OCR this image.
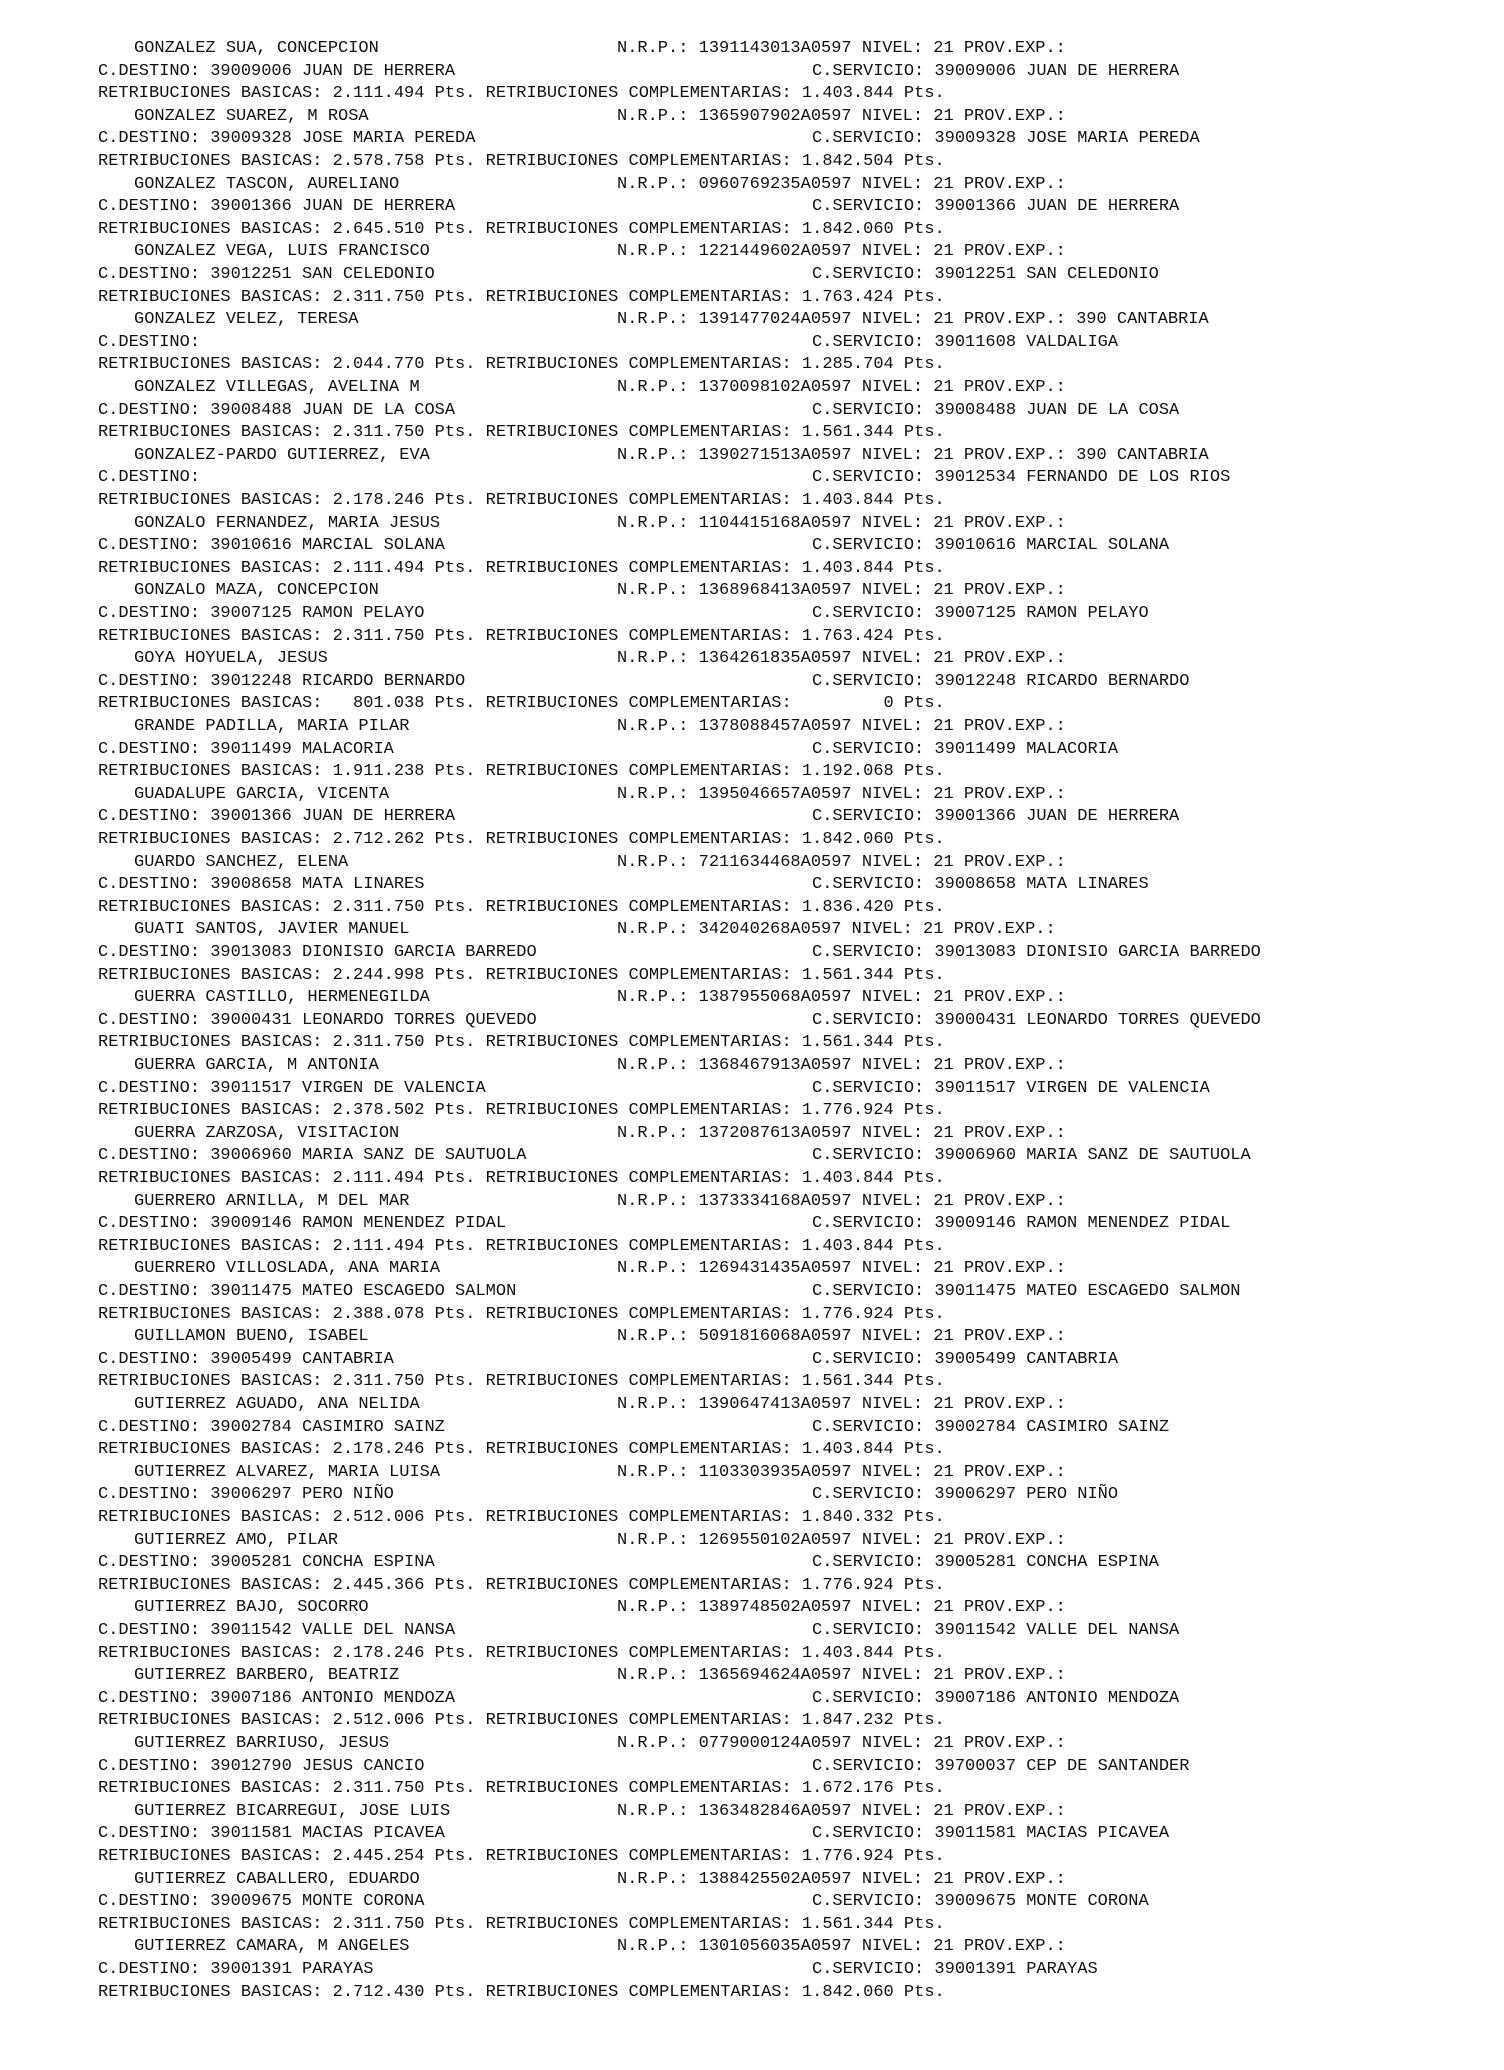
GONZALEZ SUA, CONCEPCION	N.R.P.: 1391143013A0597 NIVEL: 21 PROV.EXP.:
C.DESTINO: 39009006 JUAN DE HERRERA	C.SERVICIO: 39009006 JUAN DE HERRERA
RETRIBUCIONES BASICAS: 2.111.494 Pts. RETRIBUCIONES COMPLEMENTARIAS: 1.403.844 Pts.
GONZALEZ SUAREZ, M ROSA	N.R.P.: 1365907902A0597 NIVEL: 21 PROV.EXP.:
C.DESTINO: 39009328 JOSE MARIA PEREDA	C.SERVICIO: 39009328 JOSE MARIA PEREDA
RETRIBUCIONES BASICAS: 2.578.758 Pts. RETRIBUCIONES COMPLEMENTARIAS: 1.842.504 Pts.
GONZALEZ TASCON, AURELIANO	N.R.P.: 0960769235A0597 NIVEL: 21 PROV.EXP.:
C.DESTINO: 39001366 JUAN DE HERRERA	C.SERVICIO: 39001366 JUAN DE HERRERA
RETRIBUCIONES BASICAS: 2.645.510 Pts. RETRIBUCIONES COMPLEMENTARIAS: 1.842.060 Pts.
GONZALEZ VEGA, LUIS FRANCISCO	N.R.P.: 1221449602A0597 NIVEL: 21 PROV.EXP.:
C.DESTINO: 39012251 SAN CELEDONIO	C.SERVICIO: 39012251 SAN CELEDONIO
RETRIBUCIONES BASICAS: 2.311.750 Pts. RETRIBUCIONES COMPLEMENTARIAS: 1.763.424 Pts.
GONZALEZ VELEZ, TERESA	N.R.P.: 1391477024A0597 NIVEL: 21 PROV.EXP.: 390 CANTABRIA
C.DESTINO:	C.SERVICIO: 39011608 VALDALIGA
RETRIBUCIONES BASICAS: 2.044.770 Pts. RETRIBUCIONES COMPLEMENTARIAS: 1.285.704 Pts.
GONZALEZ VILLEGAS, AVELINA M	N.R.P.: 1370098102A0597 NIVEL: 21 PROV.EXP.:
C.DESTINO: 39008488 JUAN DE LA COSA	C.SERVICIO: 39008488 JUAN DE LA COSA
RETRIBUCIONES BASICAS: 2.311.750 Pts. RETRIBUCIONES COMPLEMENTARIAS: 1.561.344 Pts.
GONZALEZ-PARDO GUTIERREZ, EVA	N.R.P.: 1390271513A0597 NIVEL: 21 PROV.EXP.: 390 CANTABRIA
C.DESTINO:	C.SERVICIO: 39012534 FERNANDO DE LOS RIOS
RETRIBUCIONES BASICAS: 2.178.246 Pts. RETRIBUCIONES COMPLEMENTARIAS: 1.403.844 Pts.
GONZALO FERNANDEZ, MARIA JESUS	N.R.P.: 1104415168A0597 NIVEL: 21 PROV.EXP.:
C.DESTINO: 39010616 MARCIAL SOLANA	C.SERVICIO: 39010616 MARCIAL SOLANA
RETRIBUCIONES BASICAS: 2.111.494 Pts. RETRIBUCIONES COMPLEMENTARIAS: 1.403.844 Pts.
GONZALO MAZA, CONCEPCION	N.R.P.: 1368968413A0597 NIVEL: 21 PROV.EXP.:
C.DESTINO: 39007125 RAMON PELAYO	C.SERVICIO: 39007125 RAMON PELAYO
RETRIBUCIONES BASICAS: 2.311.750 Pts. RETRIBUCIONES COMPLEMENTARIAS: 1.763.424 Pts.
GOYA HOYUELA, JESUS	N.R.P.: 1364261835A0597 NIVEL: 21 PROV.EXP.:
C.DESTINO: 39012248 RICARDO BERNARDO	C.SERVICIO: 39012248 RICARDO BERNARDO
RETRIBUCIONES BASICAS:   801.038 Pts. RETRIBUCIONES COMPLEMENTARIAS:         0 Pts.
GRANDE PADILLA, MARIA PILAR	N.R.P.: 1378088457A0597 NIVEL: 21 PROV.EXP.:
C.DESTINO: 39011499 MALACORIA	C.SERVICIO: 39011499 MALACORIA
RETRIBUCIONES BASICAS: 1.911.238 Pts. RETRIBUCIONES COMPLEMENTARIAS: 1.192.068 Pts.
GUADALUPE GARCIA, VICENTA	N.R.P.: 1395046657A0597 NIVEL: 21 PROV.EXP.:
C.DESTINO: 39001366 JUAN DE HERRERA	C.SERVICIO: 39001366 JUAN DE HERRERA
RETRIBUCIONES BASICAS: 2.712.262 Pts. RETRIBUCIONES COMPLEMENTARIAS: 1.842.060 Pts.
GUARDO SANCHEZ, ELENA	N.R.P.: 7211634468A0597 NIVEL: 21 PROV.EXP.:
C.DESTINO: 39008658 MATA LINARES	C.SERVICIO: 39008658 MATA LINARES
RETRIBUCIONES BASICAS: 2.311.750 Pts. RETRIBUCIONES COMPLEMENTARIAS: 1.836.420 Pts.
GUATI SANTOS, JAVIER MANUEL	N.R.P.: 342040268A0597 NIVEL: 21 PROV.EXP.:
C.DESTINO: 39013083 DIONISIO GARCIA BARREDO	C.SERVICIO: 39013083 DIONISIO GARCIA BARREDO
RETRIBUCIONES BASICAS: 2.244.998 Pts. RETRIBUCIONES COMPLEMENTARIAS: 1.561.344 Pts.
GUERRA CASTILLO, HERMENEGILDA	N.R.P.: 1387955068A0597 NIVEL: 21 PROV.EXP.:
C.DESTINO: 39000431 LEONARDO TORRES QUEVEDO	C.SERVICIO: 39000431 LEONARDO TORRES QUEVEDO
RETRIBUCIONES BASICAS: 2.311.750 Pts. RETRIBUCIONES COMPLEMENTARIAS: 1.561.344 Pts.
GUERRA GARCIA, M ANTONIA	N.R.P.: 1368467913A0597 NIVEL: 21 PROV.EXP.:
C.DESTINO: 39011517 VIRGEN DE VALENCIA	C.SERVICIO: 39011517 VIRGEN DE VALENCIA
RETRIBUCIONES BASICAS: 2.378.502 Pts. RETRIBUCIONES COMPLEMENTARIAS: 1.776.924 Pts.
GUERRA ZARZOSA, VISITACION	N.R.P.: 1372087613A0597 NIVEL: 21 PROV.EXP.:
C.DESTINO: 39006960 MARIA SANZ DE SAUTUOLA	C.SERVICIO: 39006960 MARIA SANZ DE SAUTUOLA
RETRIBUCIONES BASICAS: 2.111.494 Pts. RETRIBUCIONES COMPLEMENTARIAS: 1.403.844 Pts.
GUERRERO ARNILLA, M DEL MAR	N.R.P.: 1373334168A0597 NIVEL: 21 PROV.EXP.:
C.DESTINO: 39009146 RAMON MENENDEZ PIDAL	C.SERVICIO: 39009146 RAMON MENENDEZ PIDAL
RETRIBUCIONES BASICAS: 2.111.494 Pts. RETRIBUCIONES COMPLEMENTARIAS: 1.403.844 Pts.
GUERRERO VILLOSLADA, ANA MARIA	N.R.P.: 1269431435A0597 NIVEL: 21 PROV.EXP.:
C.DESTINO: 39011475 MATEO ESCAGEDO SALMON	C.SERVICIO: 39011475 MATEO ESCAGEDO SALMON
RETRIBUCIONES BASICAS: 2.388.078 Pts. RETRIBUCIONES COMPLEMENTARIAS: 1.776.924 Pts.
GUILLAMON BUENO, ISABEL	N.R.P.: 5091816068A0597 NIVEL: 21 PROV.EXP.:
C.DESTINO: 39005499 CANTABRIA	C.SERVICIO: 39005499 CANTABRIA
RETRIBUCIONES BASICAS: 2.311.750 Pts. RETRIBUCIONES COMPLEMENTARIAS: 1.561.344 Pts.
GUTIERREZ AGUADO, ANA NELIDA	N.R.P.: 1390647413A0597 NIVEL: 21 PROV.EXP.:
C.DESTINO: 39002784 CASIMIRO SAINZ	C.SERVICIO: 39002784 CASIMIRO SAINZ
RETRIBUCIONES BASICAS: 2.178.246 Pts. RETRIBUCIONES COMPLEMENTARIAS: 1.403.844 Pts.
GUTIERREZ ALVAREZ, MARIA LUISA	N.R.P.: 1103303935A0597 NIVEL: 21 PROV.EXP.:
C.DESTINO: 39006297 PERO NIÑO	C.SERVICIO: 39006297 PERO NIÑO
RETRIBUCIONES BASICAS: 2.512.006 Pts. RETRIBUCIONES COMPLEMENTARIAS: 1.840.332 Pts.
GUTIERREZ AMO, PILAR	N.R.P.: 1269550102A0597 NIVEL: 21 PROV.EXP.:
C.DESTINO: 39005281 CONCHA ESPINA	C.SERVICIO: 39005281 CONCHA ESPINA
RETRIBUCIONES BASICAS: 2.445.366 Pts. RETRIBUCIONES COMPLEMENTARIAS: 1.776.924 Pts.
GUTIERREZ BAJO, SOCORRO	N.R.P.: 1389748502A0597 NIVEL: 21 PROV.EXP.:
C.DESTINO: 39011542 VALLE DEL NANSA	C.SERVICIO: 39011542 VALLE DEL NANSA
RETRIBUCIONES BASICAS: 2.178.246 Pts. RETRIBUCIONES COMPLEMENTARIAS: 1.403.844 Pts.
GUTIERREZ BARBERO, BEATRIZ	N.R.P.: 1365694624A0597 NIVEL: 21 PROV.EXP.:
C.DESTINO: 39007186 ANTONIO MENDOZA	C.SERVICIO: 39007186 ANTONIO MENDOZA
RETRIBUCIONES BASICAS: 2.512.006 Pts. RETRIBUCIONES COMPLEMENTARIAS: 1.847.232 Pts.
GUTIERREZ BARRIUSO, JESUS	N.R.P.: 0779000124A0597 NIVEL: 21 PROV.EXP.:
C.DESTINO: 39012790 JESUS CANCIO	C.SERVICIO: 39700037 CEP DE SANTANDER
RETRIBUCIONES BASICAS: 2.311.750 Pts. RETRIBUCIONES COMPLEMENTARIAS: 1.672.176 Pts.
GUTIERREZ BICARREGUI, JOSE LUIS	N.R.P.: 1363482846A0597 NIVEL: 21 PROV.EXP.:
C.DESTINO: 39011581 MACIAS PICAVEA	C.SERVICIO: 39011581 MACIAS PICAVEA
RETRIBUCIONES BASICAS: 2.445.254 Pts. RETRIBUCIONES COMPLEMENTARIAS: 1.776.924 Pts.
GUTIERREZ CABALLERO, EDUARDO	N.R.P.: 1388425502A0597 NIVEL: 21 PROV.EXP.:
C.DESTINO: 39009675 MONTE CORONA	C.SERVICIO: 39009675 MONTE CORONA
RETRIBUCIONES BASICAS: 2.311.750 Pts. RETRIBUCIONES COMPLEMENTARIAS: 1.561.344 Pts.
GUTIERREZ CAMARA, M ANGELES	N.R.P.: 1301056035A0597 NIVEL: 21 PROV.EXP.:
C.DESTINO: 39001391 PARAYAS	C.SERVICIO: 39001391 PARAYAS
RETRIBUCIONES BASICAS: 2.712.430 Pts. RETRIBUCIONES COMPLEMENTARIAS: 1.842.060 Pts.
